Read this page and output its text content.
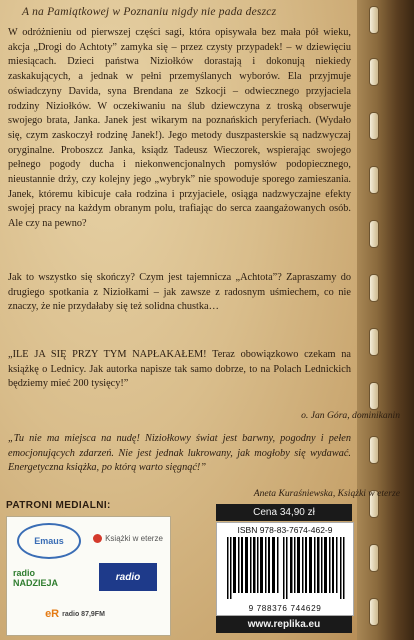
A na Pamiątkowej w Poznaniu nigdy nie pada deszcz

W odróżnieniu od pierwszej części sagi, która opisywała bez mała pół wieku, akcja „Drogi do Achtoty” zamyka się – przez czysty przypadek! – w dziewięciu miesiącach. Dzieci państwa Niziołków dorastają i dokonują niekiedy zaskakujących, a jednak w pełni przemyślanych wyborów. Ela przyjmuje oświadczyny Davida, syna Brendana ze Szkocji – odwiecznego przyjaciela rodziny Niziołków. W oczekiwaniu na ślub dziewczyna z troską obserwuje swojego brata, Janka. Janek jest wikarym na poznańskich peryferiach. (Wydało się, czym zaskoczył rodzinę Janek!). Jego metody duszpasterskie są nadzwyczaj oryginalne. Proboszcz Janka, ksiądz Tadeusz Wieczorek, wspierając swojego pełnego pogody ducha i niekonwencjonalnych pomysłów podopiecznego, nieustannie drży, czy kolejny jego „wybryk” nie spowoduje sporego zamieszania. Janek, któremu kibicuje cała rodzina i przyjaciele, osiąga nadzwyczajne efekty swojej pracy na każdym obranym polu, trafiając do serca zaangażowanych osób. Ale czy na pewno?

Jak to wszystko się skończy? Czym jest tajemnicza „Achtota”? Zapraszamy do drugiego spotkania z Niziołkami – jak zawsze z radosnym uśmiechem, co nie znaczy, że nie przydałaby się też solidna chustka…

„ILE JA SIĘ PRZY TYM NAPŁAKAŁEM! Teraz obowiązkowo czekam na książkę o Lednicy. Jak autorka napisze tak samo dobrze, to na Polach Lednickich będziemy mieć 200 tysięcy!”

o. Jan Góra, dominikanin

„Tu nie ma miejsca na nudę! Niziołkowy świat jest barwny, pogodny i pełen emocjonujących zdarzeń. Nie jest jednak lukrowany, jak mogłoby się wydawać. Energetyczna książka, po którą warto sięgnąć!”

Aneta Kuraśniewska, Książki w eterze
PATRONI MEDIALNI:
Emaus	Książki w eterze
radio NADZIEJA
radio
eR radio 87,9FM
Cena 34,90 zł
ISBN 978-83-7674-462-9
9 788376 744629
www.replika.eu
